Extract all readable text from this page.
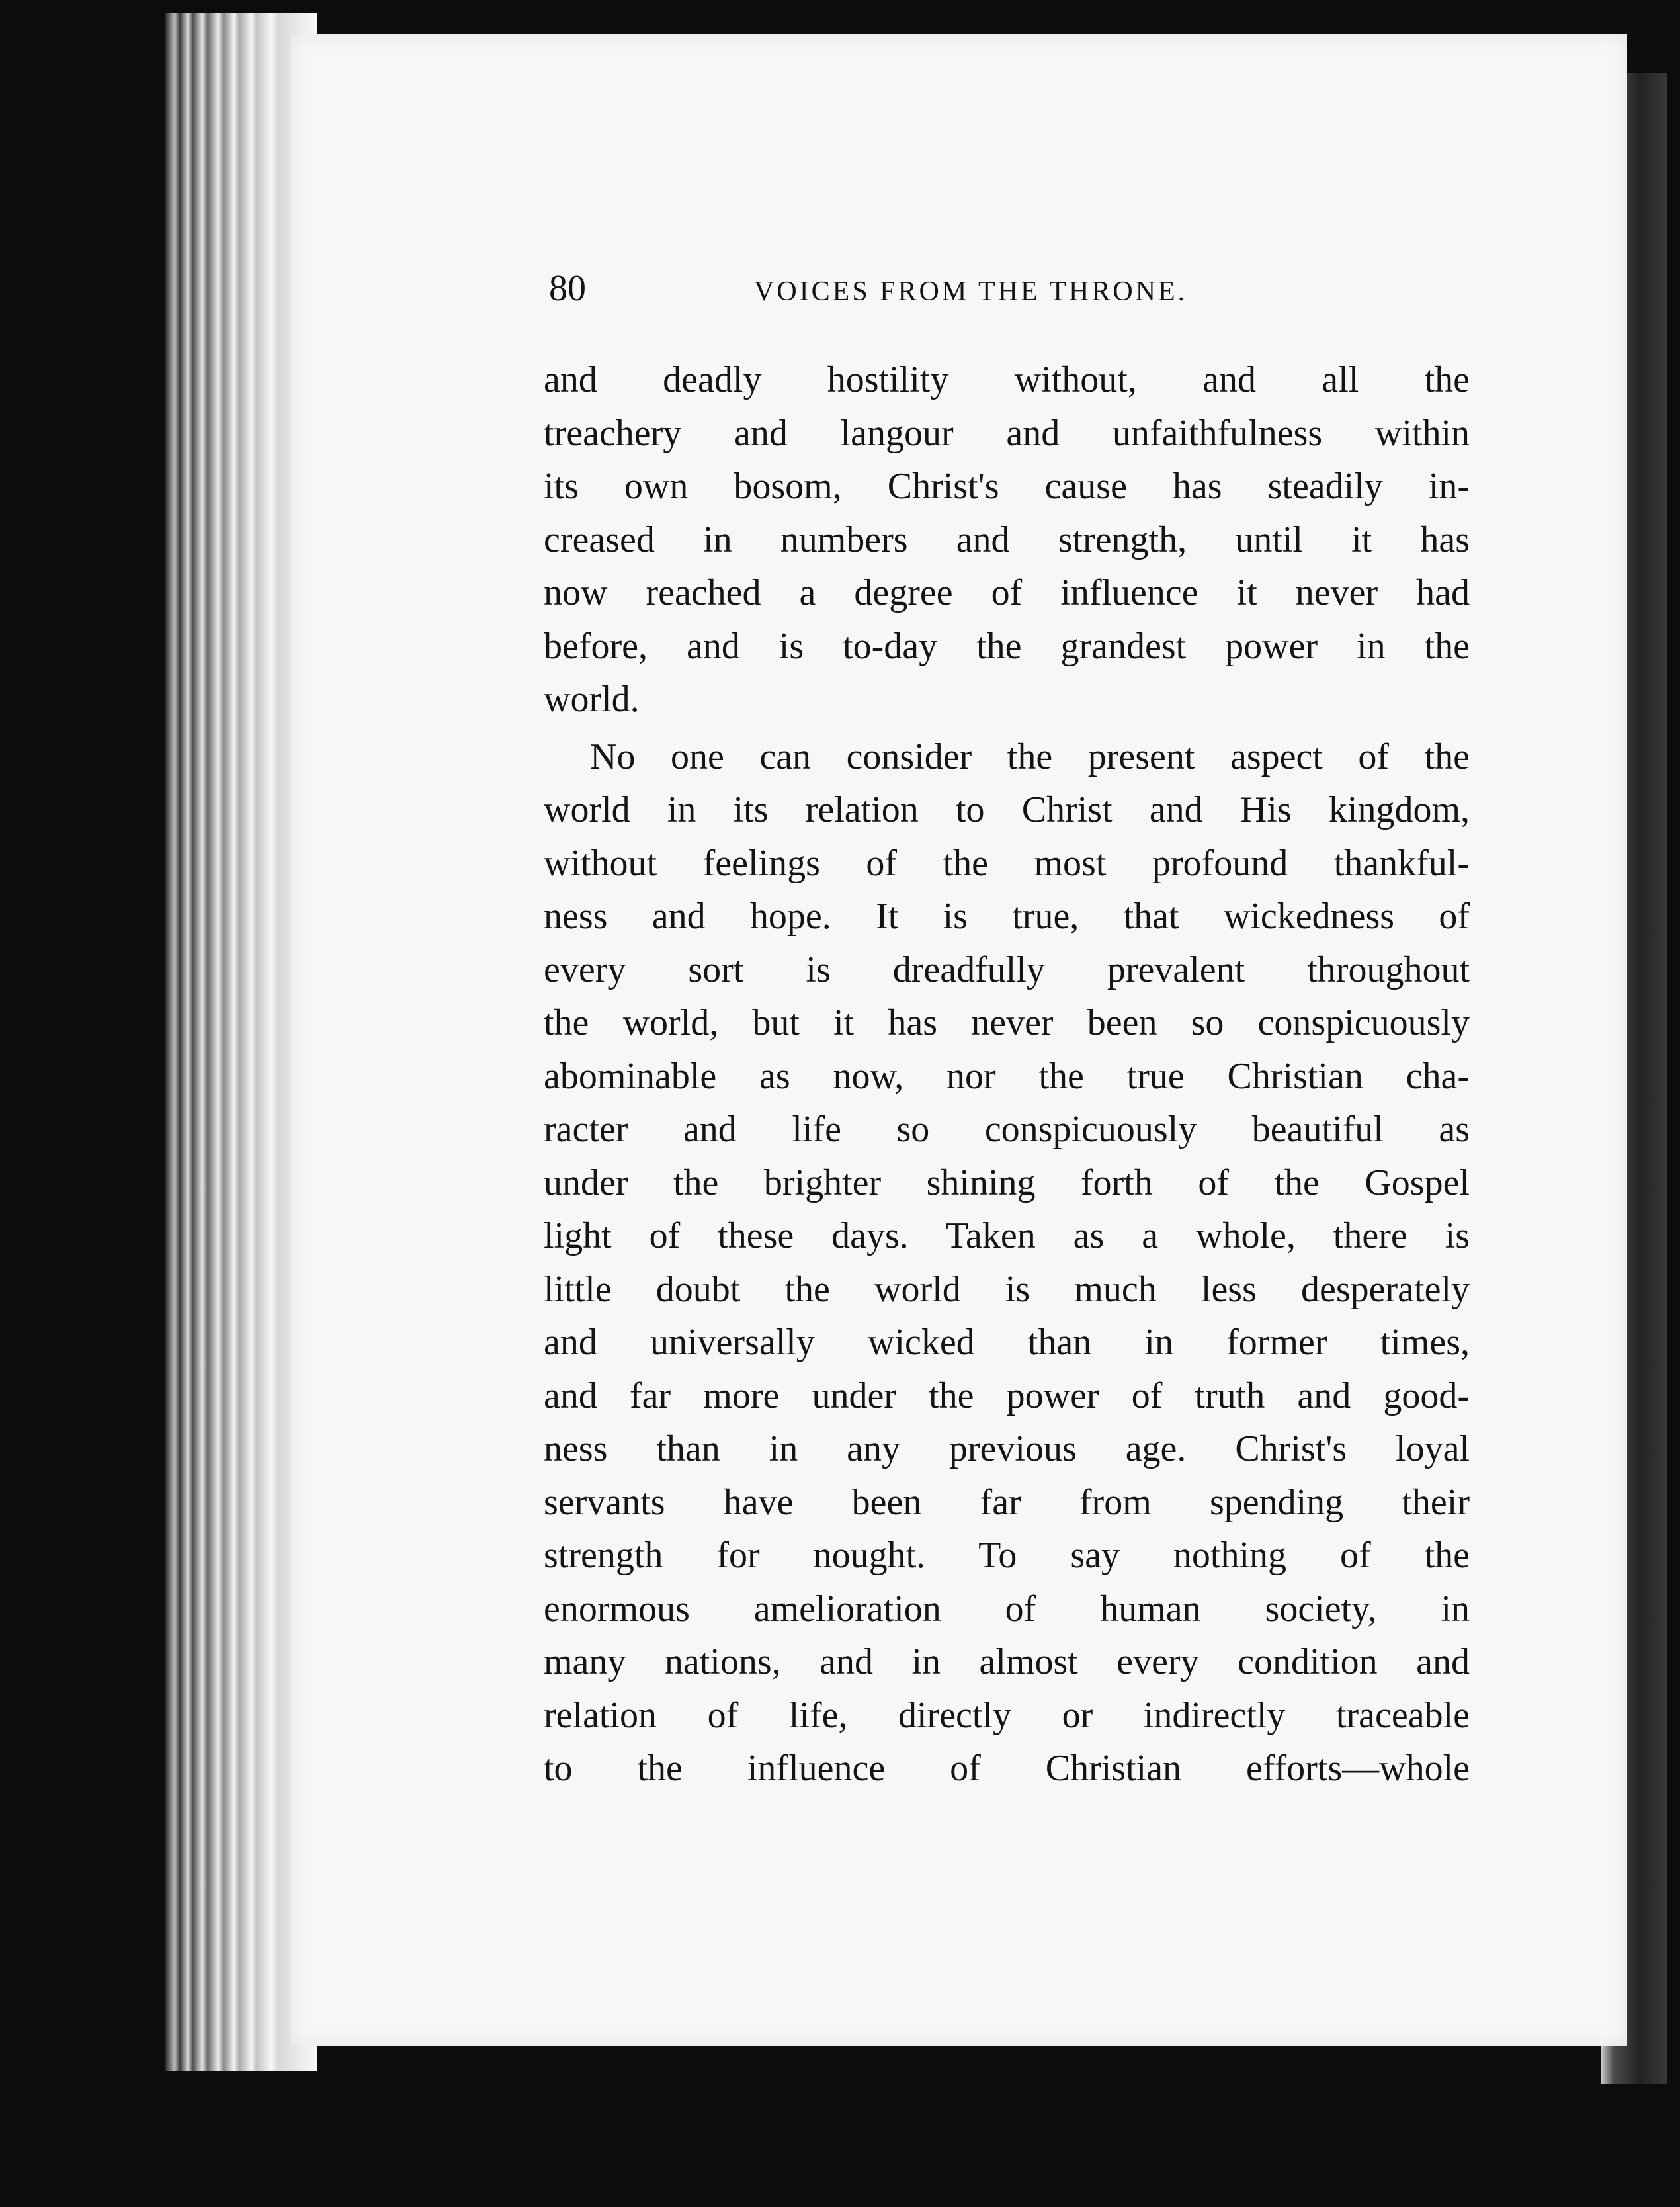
80	VOICES FROM THE THRONE.
and deadly hostility without, and all the
treachery and langour and unfaithfulness within
its own bosom, Christ's cause has steadily in-
creased in numbers and strength, until it has
now reached a degree of influence it never had
before, and is to-day the grandest power in the
world.
No one can consider the present aspect of the
world in its relation to Christ and His kingdom,
without feelings of the most profound thankful-
ness and hope. It is true, that wickedness of
every sort is dreadfully prevalent throughout
the world, but it has never been so conspicuously
abominable as now, nor the true Christian cha-
racter and life so conspicuously beautiful as
under the brighter shining forth of the Gospel
light of these days. Taken as a whole, there is
little doubt the world is much less desperately
and universally wicked than in former times,
and far more under the power of truth and good-
ness than in any previous age. Christ's loyal
servants have been far from spending their
strength for nought. To say nothing of the
enormous amelioration of human society, in
many nations, and in almost every condition and
relation of life, directly or indirectly traceable
to the influence of Christian efforts—whole
